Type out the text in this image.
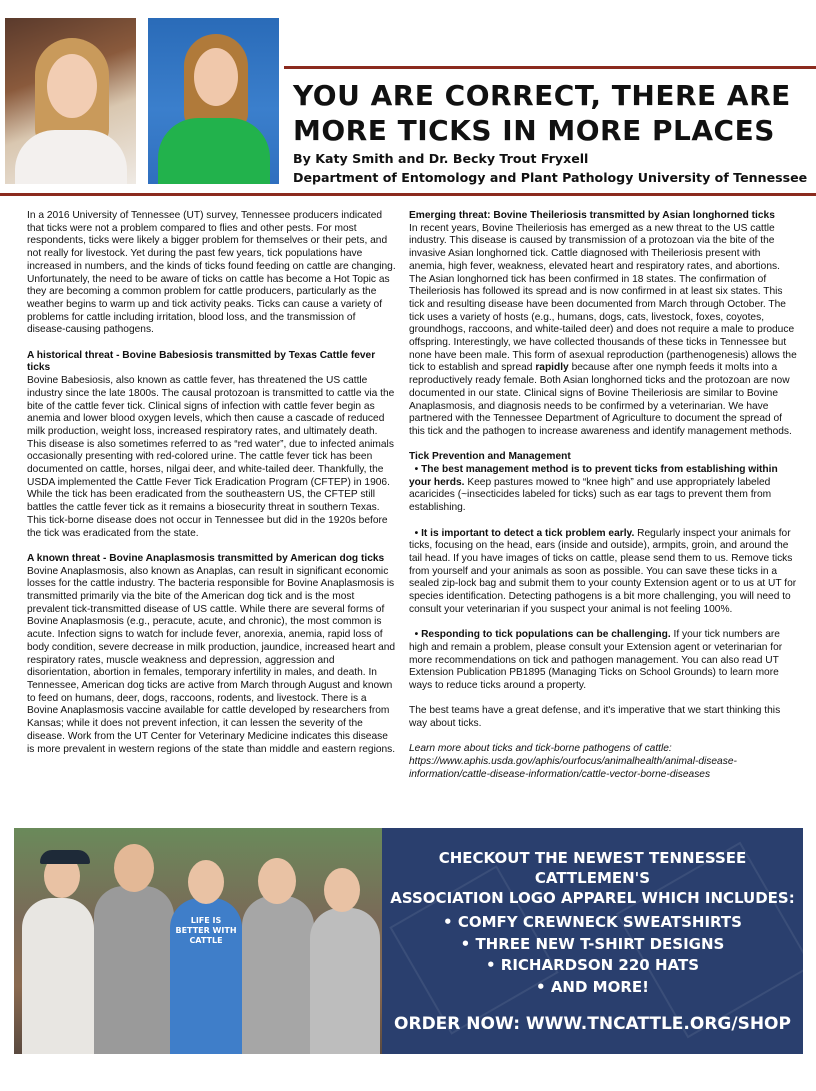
YOU ARE CORRECT, THERE ARE
MORE TICKS IN MORE PLACES
By Katy Smith and Dr. Becky Trout Fryxell
Department of Entomology and Plant Pathology University of Tennessee

In a 2016 University of Tennessee (UT) survey, Tennessee producers indicated that ticks were not a problem compared to flies and other pests. For most respondents, ticks were likely a bigger problem for themselves or their pets, and not really for livestock. Yet during the past few years, tick populations have increased in numbers, and the kinds of ticks found feeding on cattle are changing. Unfortunately, the need to be aware of ticks on cattle has become a Hot Topic as they are becoming a common problem for cattle producers, particularly as the weather begins to warm up and tick activity peaks. Ticks can cause a variety of problems for cattle including irritation, blood loss, and the transmission of disease-causing pathogens.

A historical threat - Bovine Babesiosis transmitted by Texas Cattle fever ticks

Bovine Babesiosis, also known as cattle fever, has threatened the US cattle industry since the late 1800s. The causal protozoan is transmitted to cattle via the bite of the cattle fever tick. Clinical signs of infection with cattle fever begin as anemia and lower blood oxygen levels, which then cause a cascade of reduced milk production, weight loss, increased respiratory rates, and ultimately death. This disease is also sometimes referred to as “red water”, due to infected animals occasionally presenting with red-colored urine. The cattle fever tick has been documented on cattle, horses, nilgai deer, and white-tailed deer. Thankfully, the USDA implemented the Cattle Fever Tick Eradication Program (CFTEP) in 1906. While the tick has been eradicated from the southeastern US, the CFTEP still battles the cattle fever tick as it remains a biosecurity threat in southern Texas. This tick-borne disease does not occur in Tennessee but did in the 1920s before the tick was eradicated from the state.

A known threat - Bovine Anaplasmosis transmitted by American dog ticks

Bovine Anaplasmosis, also known as Anaplas, can result in significant economic losses for the cattle industry. The bacteria responsible for Bovine Anaplasmosis is transmitted primarily via the bite of the American dog tick and is the most prevalent tick-transmitted disease of US cattle. While there are several forms of Bovine Anaplasmosis (e.g., peracute, acute, and chronic), the most common is acute. Infection signs to watch for include fever, anorexia, anemia, rapid loss of body condition, severe decrease in milk production, jaundice, increased heart and respiratory rates, muscle weakness and depression, aggression and disorientation, abortion in females, temporary infertility in males, and death. In Tennessee, American dog ticks are active from March through August and known to feed on humans, deer, dogs, raccoons, rodents, and livestock. There is a Bovine Anaplasmosis vaccine available for cattle developed by researchers from Kansas; while it does not prevent infection, it can lessen the severity of the disease. Work from the UT Center for Veterinary Medicine indicates this disease is more prevalent in western regions of the state than middle and eastern regions.

Emerging threat: Bovine Theileriosis transmitted by Asian longhorned ticks

In recent years, Bovine Theileriosis has emerged as a new threat to the US cattle industry. This disease is caused by transmission of a protozoan via the bite of the invasive Asian longhorned tick. Cattle diagnosed with Theileriosis present with anemia, high fever, weakness, elevated heart and respiratory rates, and abortions. The Asian longhorned tick has been confirmed in 18 states. The confirmation of Theileriosis has followed its spread and is now confirmed in at least six states. This tick and resulting disease have been documented from March through October. The tick uses a variety of hosts (e.g., humans, dogs, cats, livestock, foxes, coyotes, groundhogs, raccoons, and white-tailed deer) and does not require a male to produce offspring. Interestingly, we have collected thousands of these ticks in Tennessee but none have been male. This form of asexual reproduction (parthenogenesis) allows the tick to establish and spread rapidly because after one nymph feeds it molts into a reproductively ready female. Both Asian longhorned ticks and the protozoan are now documented in our state. Clinical signs of Bovine Theileriosis are similar to Bovine Anaplasmosis, and diagnosis needs to be confirmed by a veterinarian. We have partnered with the Tennessee Department of Agriculture to document the spread of this tick and the pathogen to increase awareness and identify management methods.

Tick Prevention and Management

• The best management method is to prevent ticks from establishing within your herds. Keep pastures mowed to “knee high” and use appropriately labeled acaricides (~insecticides labeled for ticks) such as ear tags to prevent them from establishing.

• It is important to detect a tick problem early. Regularly inspect your animals for ticks, focusing on the head, ears (inside and outside), armpits, groin, and around the tail head. If you have images of ticks on cattle, please send them to us. Remove ticks from yourself and your animals as soon as possible. You can save these ticks in a sealed zip-lock bag and submit them to your county Extension agent or to us at UT for species identification. Detecting pathogens is a bit more challenging, you will need to consult your veterinarian if you suspect your animal is not feeling 100%.

• Responding to tick populations can be challenging. If your tick numbers are high and remain a problem, please consult your Extension agent or veterinarian for more recommendations on tick and pathogen management. You can also read UT Extension Publication PB1895 (Managing Ticks on School Grounds) to learn more ways to reduce ticks around a property.

The best teams have a great defense, and it's imperative that we start thinking this way about ticks.

Learn more about ticks and tick-borne pathogens of cattle: https://www.aphis.usda.gov/aphis/ourfocus/animalhealth/animal-disease-information/cattle-disease-information/cattle-vector-borne-diseases

LIFE IS BETTER WITH CATTLE
CHECKOUT THE NEWEST TENNESSEE CATTLEMEN'S
ASSOCIATION LOGO APPAREL WHICH INCLUDES:
• COMFY CREWNECK SWEATSHIRTS
• THREE NEW T-SHIRT DESIGNS
• RICHARDSON 220 HATS
• AND MORE!
ORDER NOW: WWW.TNCATTLE.ORG/SHOP
